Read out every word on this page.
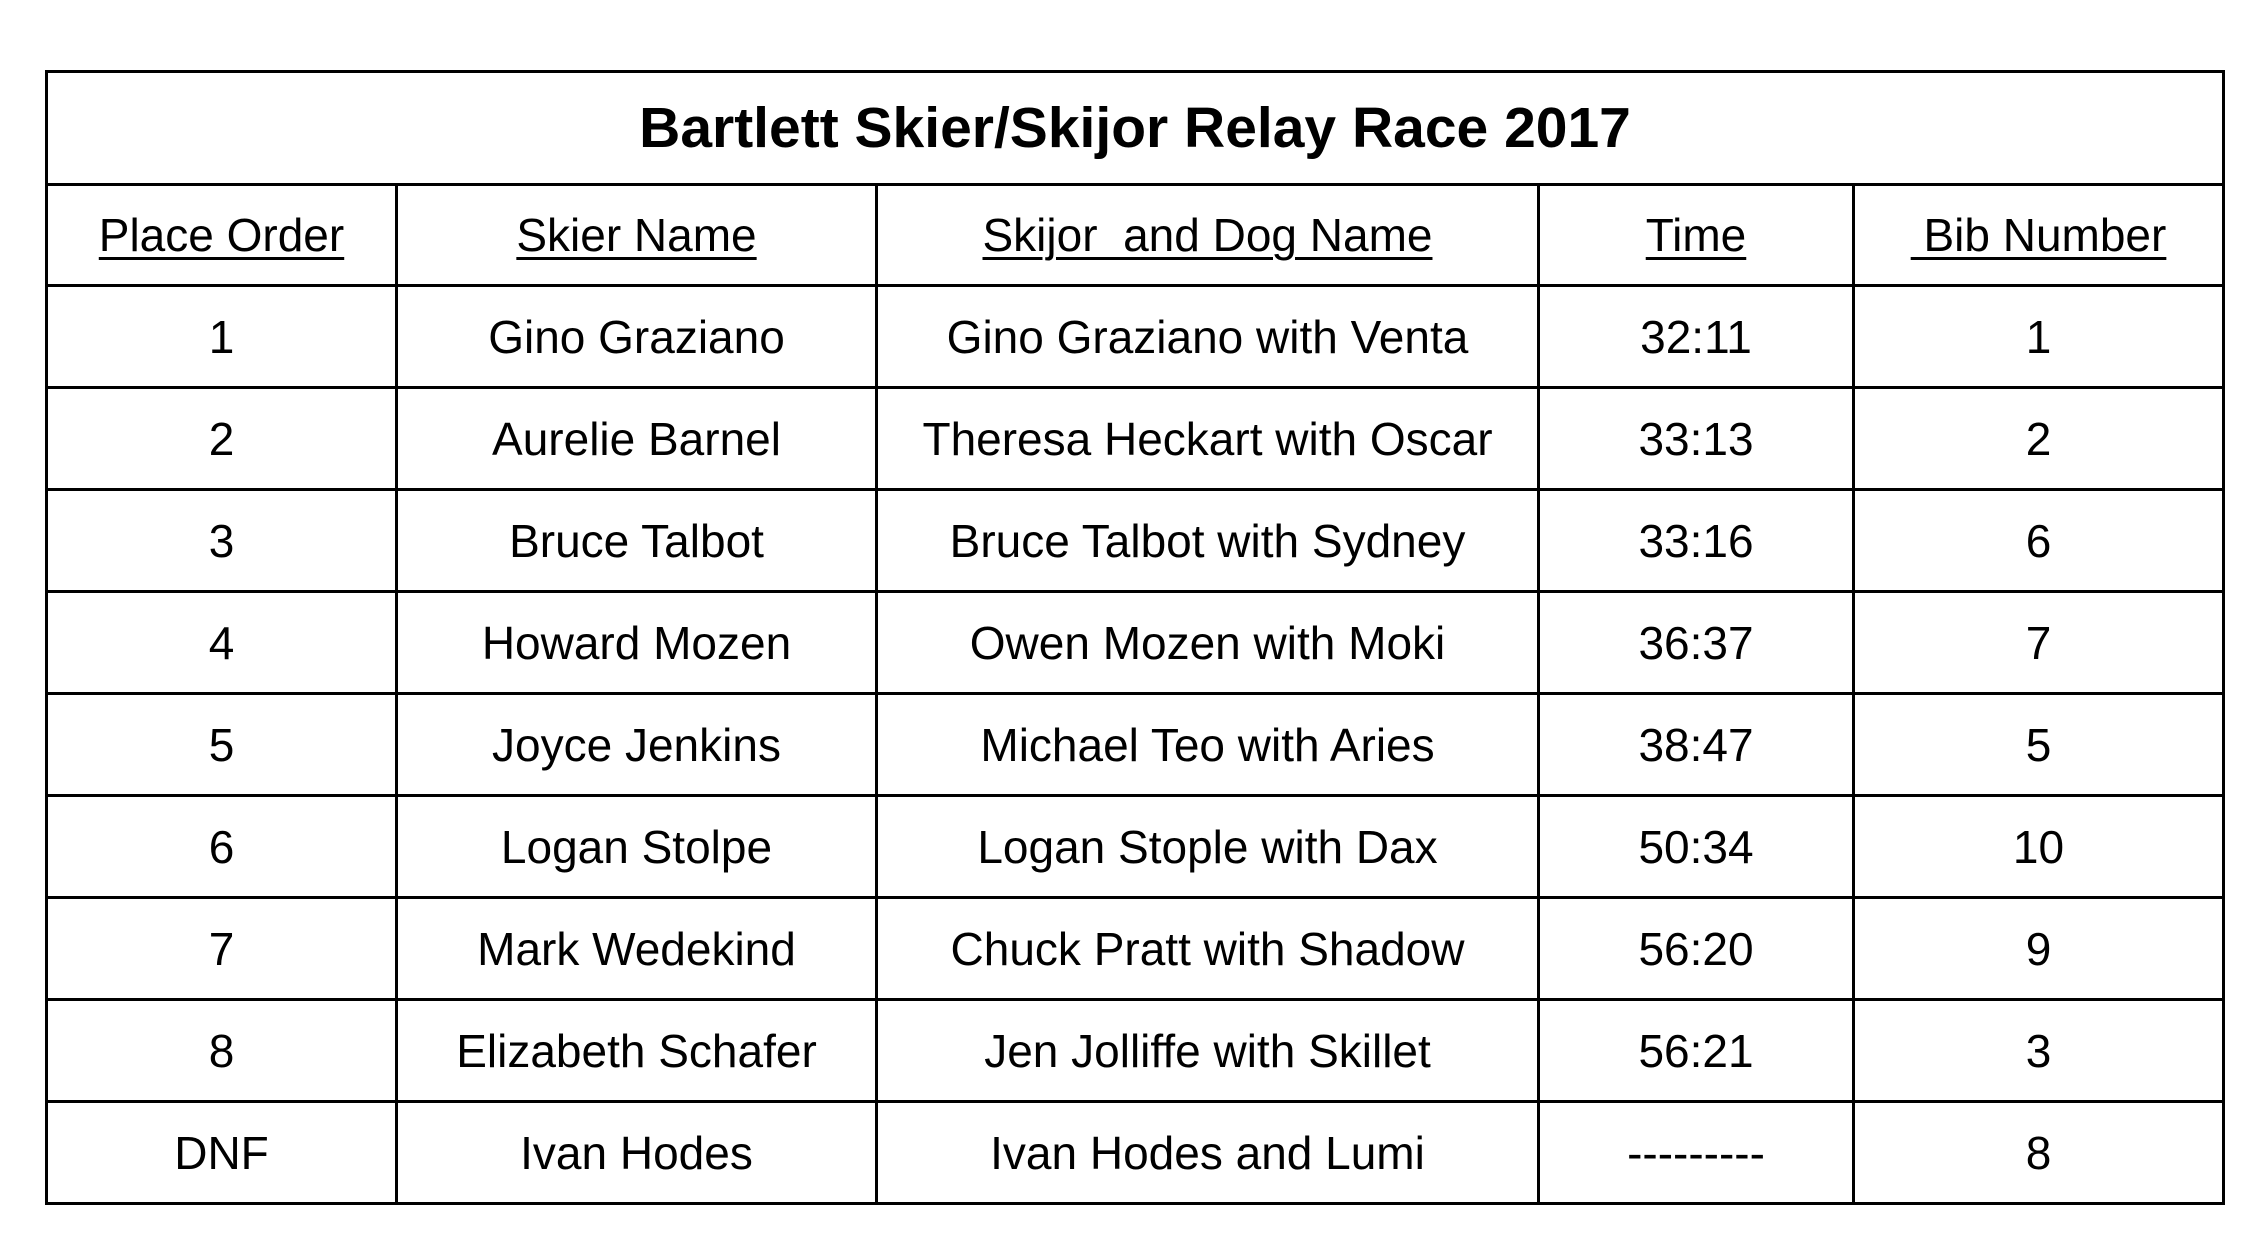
Bartlett Skier/Skijor Relay Race 2017				
Place Order	Skier Name	Skijor  and Dog Name	Time	Bib Number
1	Gino Graziano	Gino Graziano with Venta	32:11	1
2	Aurelie Barnel	Theresa Heckart with Oscar	33:13	2
3	Bruce Talbot	Bruce Talbot with Sydney	33:16	6
4	Howard Mozen	Owen Mozen with Moki	36:37	7
5	Joyce Jenkins	Michael Teo with Aries	38:47	5
6	Logan Stolpe	Logan Stople with Dax	50:34	10
7	Mark Wedekind	Chuck Pratt with Shadow	56:20	9
8	Elizabeth Schafer	Jen Jolliffe with Skillet	56:21	3
DNF	Ivan Hodes	Ivan Hodes and Lumi	---------	8
